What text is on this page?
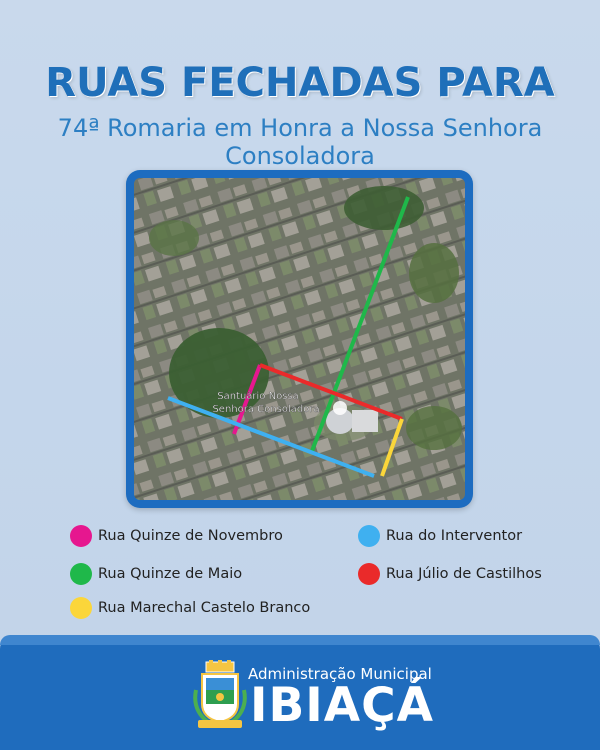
RUAS FECHADAS PARA
74ª Romaria em Honra a Nossa Senhora
Consoladora
Santuário Nossa
Senhora Consoladora
Rua Quinze de Novembro
Rua Quinze de Maio
Rua Marechal Castelo Branco
Rua do Interventor
Rua Júlio de Castilhos
Administração Municipal
IBIAÇÁ
